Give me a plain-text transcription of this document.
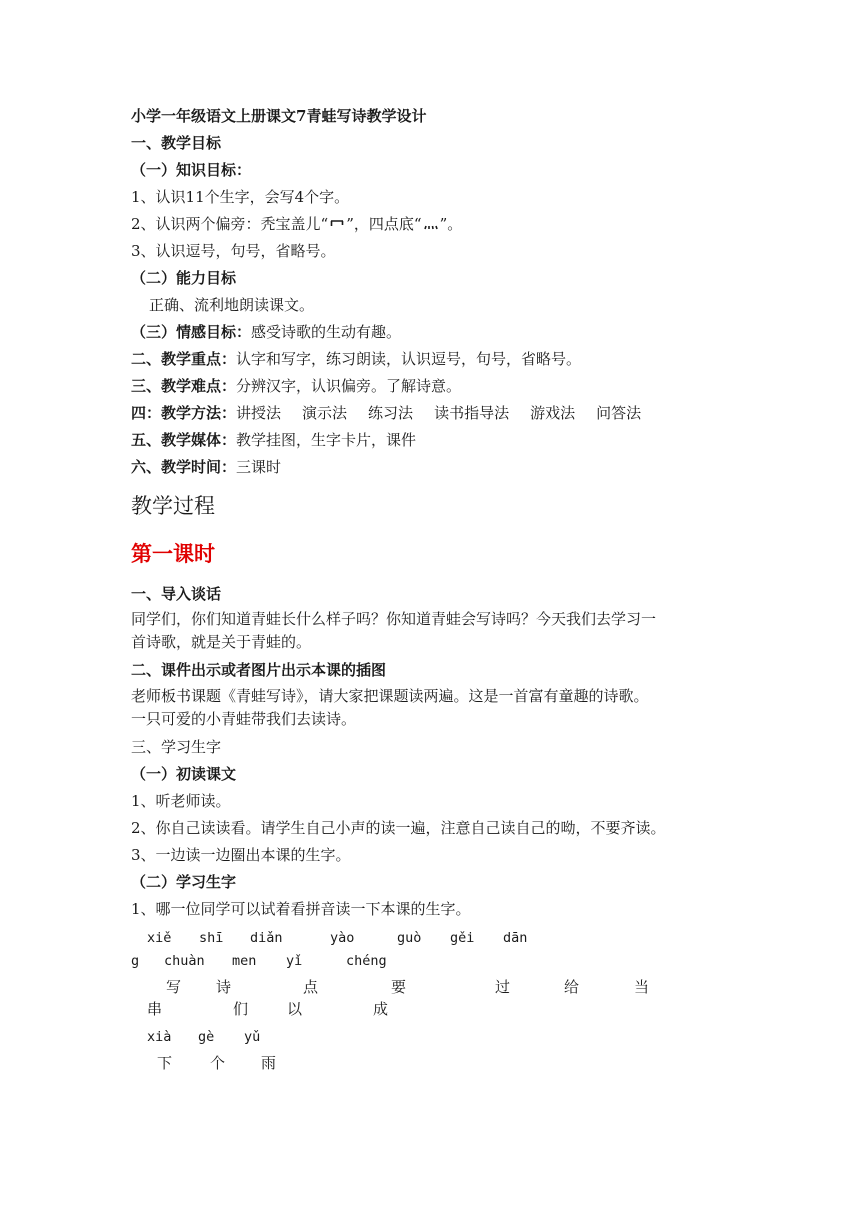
小学一年级语文上册课文7青蛙写诗教学设计
一、教学目标
（一）知识目标：
1、认识11个生字，会写4个字。
2、认识两个偏旁：秃宝盖儿“ ”，四点底“ ”。
3、认识逗号，句号，省略号。
（二）能力目标
正确、流利地朗读课文。
（三）情感目标：感受诗歌的生动有趣。
二、教学重点：认字和写字，练习朗读，认识逗号，句号，省略号。
三、教学难点：分辨汉字，认识偏旁。了解诗意。
四：教学方法：讲授法 演示法 练习法 读书指导法 游戏法 问答法
五、教学媒体：教学挂图，生字卡片，课件
六、教学时间：三课时
教学过程
第一课时
一、导入谈话
同学们，你们知道青蛙长什么样子吗？你知道青蛙会写诗吗？今天我们去学习一
首诗歌，就是关于青蛙的。
二、课件出示或者图片出示本课的插图
老师板书课题《青蛙写诗》，请大家把课题读两遍。这是一首富有童趣的诗歌。
一只可爱的小青蛙带我们去读诗。
三、学习生字
（一）初读课文
1、听老师读。
2、你自己读读看。请学生自己小声的读一遍，注意自己读自己的呦，不要齐读。
3、一边读一边圈出本课的生字。
（二）学习生字
1、哪一位同学可以试着看拼音读一下本课的生字。
xiě shī diǎn	yào	guò gěi dān
g chuàn men yǐ	chéng
写 诗	点	要	过	给	当
串	们	以	成
xià gè yǔ
下	个 雨
